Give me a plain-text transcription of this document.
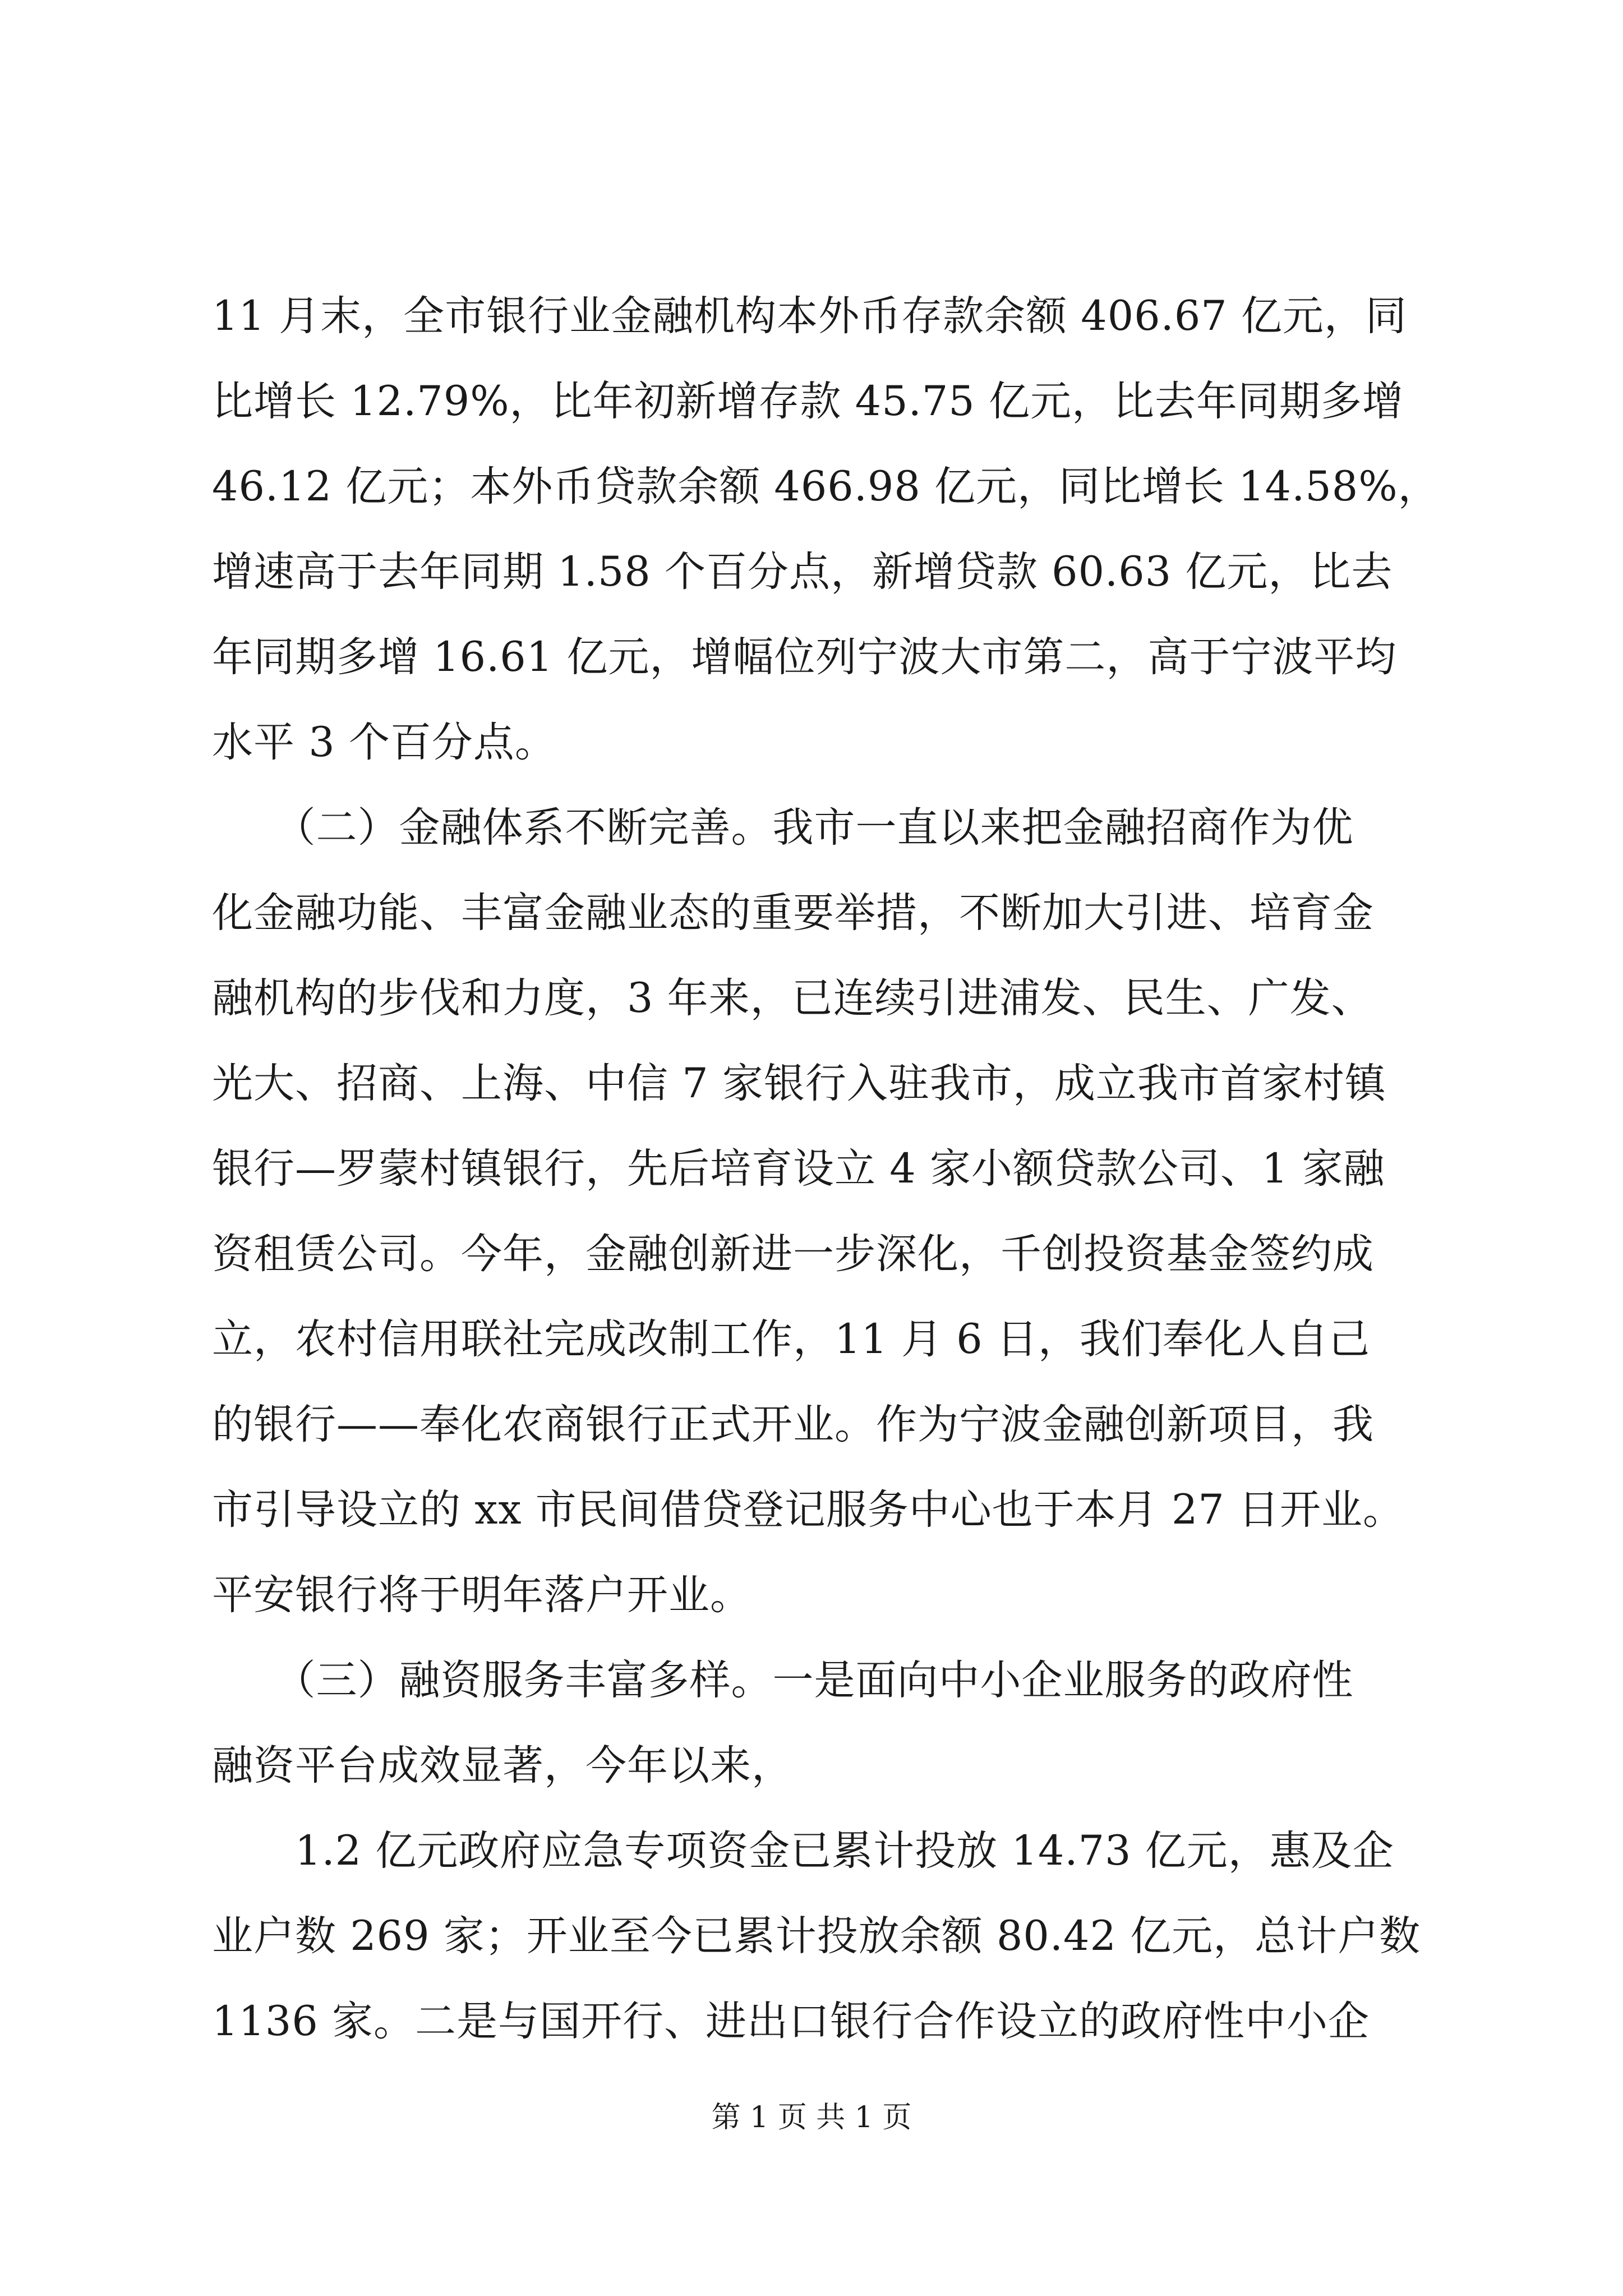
11 月末，全市银行业金融机构本外币存款余额 406.67 亿元，同
比增长 12.79%，比年初新增存款 45.75 亿元，比去年同期多增
46.12 亿元；本外币贷款余额 466.98 亿元，同比增长 14.58%，
增速高于去年同期 1.58 个百分点，新增贷款 60.63 亿元，比去
年同期多增 16.61 亿元，增幅位列宁波大市第二，高于宁波平均
水平 3 个百分点。
　　（二）金融体系不断完善。我市一直以来把金融招商作为优
化金融功能、丰富金融业态的重要举措，不断加大引进、培育金
融机构的步伐和力度，3 年来，已连续引进浦发、民生、广发、
光大、招商、上海、中信 7 家银行入驻我市，成立我市首家村镇
银行—罗蒙村镇银行，先后培育设立 4 家小额贷款公司、1 家融
资租赁公司。今年，金融创新进一步深化，千创投资基金签约成
立，农村信用联社完成改制工作，11 月 6 日，我们奉化人自己
的银行——奉化农商银行正式开业。作为宁波金融创新项目，我
市引导设立的 xx 市民间借贷登记服务中心也于本月 27 日开业。
平安银行将于明年落户开业。
　　（三）融资服务丰富多样。一是面向中小企业服务的政府性
融资平台成效显著，今年以来，
　　1.2 亿元政府应急专项资金已累计投放 14.73 亿元，惠及企
业户数 269 家；开业至今已累计投放余额 80.42 亿元，总计户数
1136 家。二是与国开行、进出口银行合作设立的政府性中小企
第 1 页 共 1 页
